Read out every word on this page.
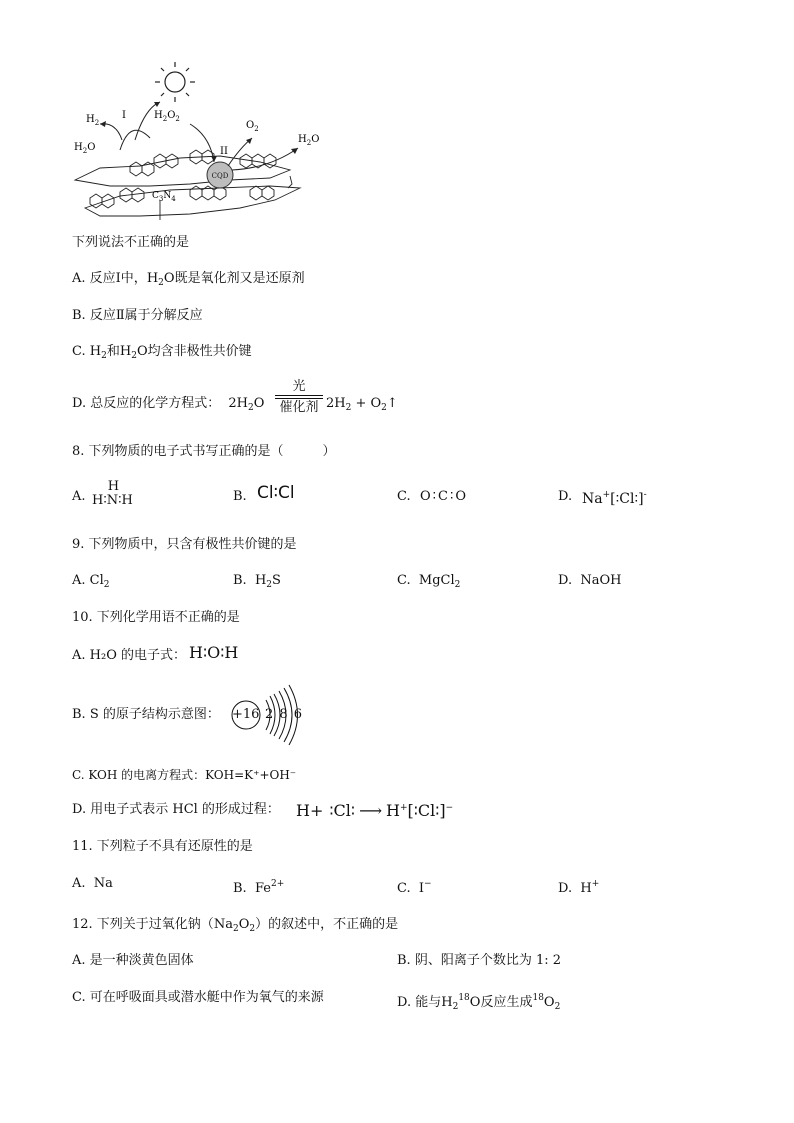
CQD
$H_2$
I	$H_2O_2$
$O_2$
II
$H_2O$
$H_2O$
$C_3N_4$
下列说法不正确的是
A. 反应Ⅰ中，$H_2O$既是氧化剂又是还原剂
B. 反应Ⅱ属于分解反应
C. $H_2$和$H_2O$均含非极性共价键
D. 总反应的化学方程式： $2H_2O$
光
催化剂 $2H_2$ + $O_2↑$
8. 下列物质的电子式书写正确的是（　　　）
A.
H
H∶N∶H	B. Cl∶Cl	C. O∶C∶O	D. Na+[∶Cl∶]-
9. 下列物质中，只含有极性共价键的是
A. $Cl_2$	B. $H_2S$	C. MgCl$_2$	D. NaOH
10. 下列化学用语不正确的是
A. H₂O 的电子式： H∶O∶H
B. S 的原子结构示意图： +16 2 8 6
C. KOH 的电离方程式：KOH=K⁺+OH⁻
D. 用电子式表示 HCl 的形成过程： H+ ∶Cl∶ ⟶ H+[∶Cl∶]−
11. 下列粒子不具有还原性的是
A. Na	B. $Fe^{2+}$	C. I−	D. H+
12. 下列关于过氧化钠$(Na_2O_2)$的叙述中，不正确的是
A. 是一种淡黄色固体	B. 阴、阳离子个数比为 1: 2
C. 可在呼吸面具或潜水艇中作为氧气的来源	D. 能与$H_2^{18}O$反应生成$^{18}O_2$
